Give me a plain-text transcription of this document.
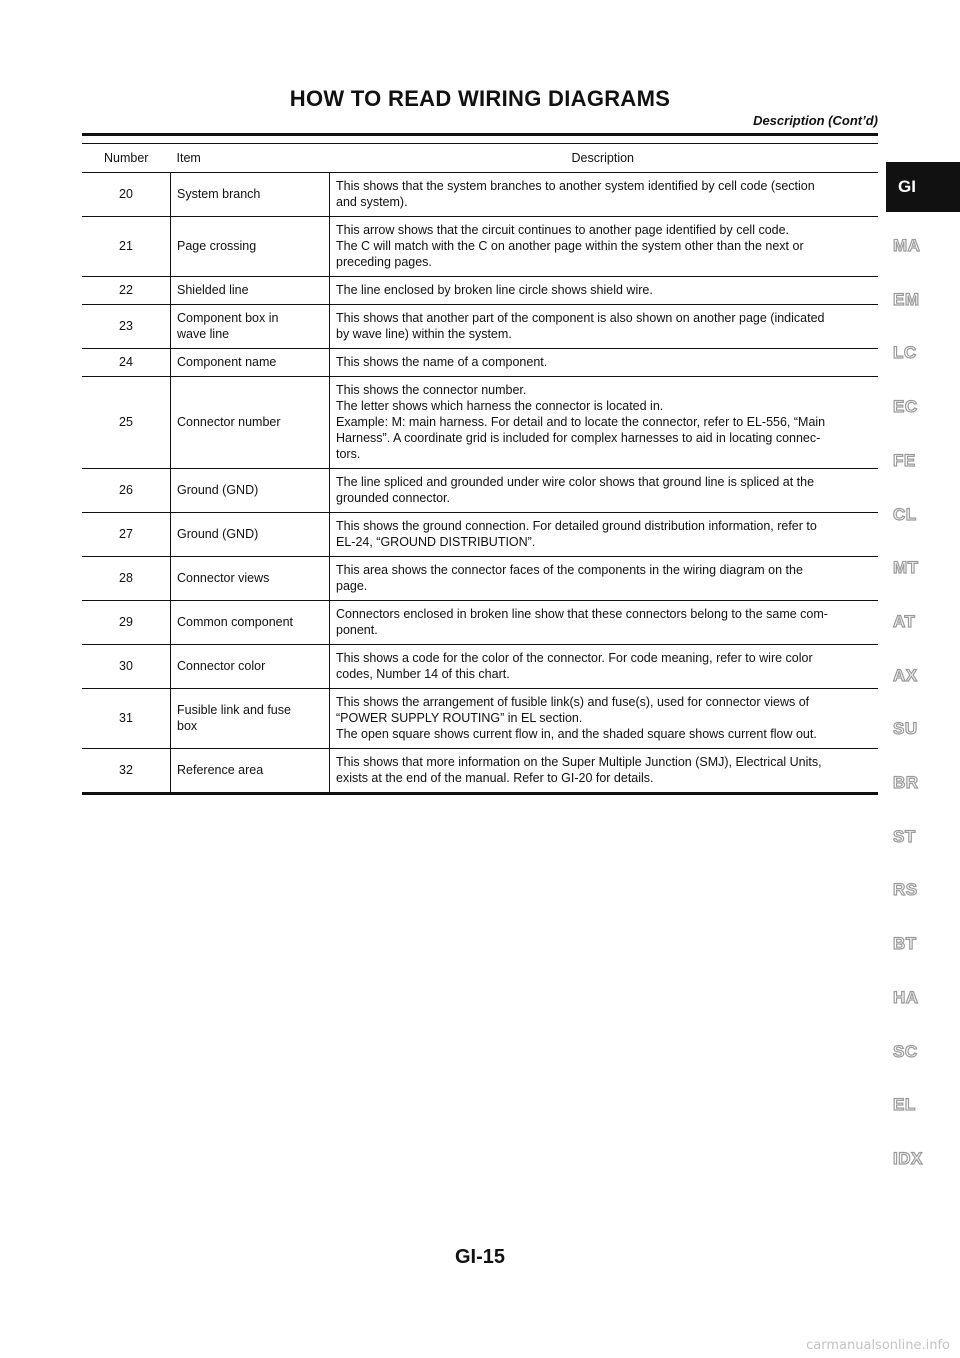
HOW TO READ WIRING DIAGRAMS
Description (Cont’d)
Number	Item	Description
20	System branch	This shows that the system branches to another system identified by cell code (section
and system).

21	Page crossing	This arrow shows that the circuit continues to another page identified by cell code.
The C will match with the C on another page within the system other than the next or
preceding pages.

22	Shielded line	The line enclosed by broken line circle shows shield wire.

23	Component box in
wave line	This shows that another part of the component is also shown on another page (indicated
by wave line) within the system.

24	Component name	This shows the name of a component.

25	Connector number	This shows the connector number.
The letter shows which harness the connector is located in.
Example: M: main harness. For detail and to locate the connector, refer to EL-556, “Main
Harness”. A coordinate grid is included for complex harnesses to aid in locating connec-
tors.

26	Ground (GND)	The line spliced and grounded under wire color shows that ground line is spliced at the
grounded connector.

27	Ground (GND)	This shows the ground connection. For detailed ground distribution information, refer to
EL-24, “GROUND DISTRIBUTION”.

28	Connector views	This area shows the connector faces of the components in the wiring diagram on the
page.

29	Common component	Connectors enclosed in broken line show that these connectors belong to the same com-
ponent.

30	Connector color	This shows a code for the color of the connector. For code meaning, refer to wire color
codes, Number 14 of this chart.

31	Fusible link and fuse
box	This shows the arrangement of fusible link(s) and fuse(s), used for connector views of
“POWER SUPPLY ROUTING” in EL section.
The open square shows current flow in, and the shaded square shows current flow out.

32	Reference area	This shows that more information on the Super Multiple Junction (SMJ), Electrical Units,
exists at the end of the manual. Refer to GI-20 for details.
GI
MA
EM
LC
EC
FE
CL
MT
AT
AX
SU
BR
ST
RS
BT
HA
SC
EL
IDX
GI-15
carmanualsonline.info
